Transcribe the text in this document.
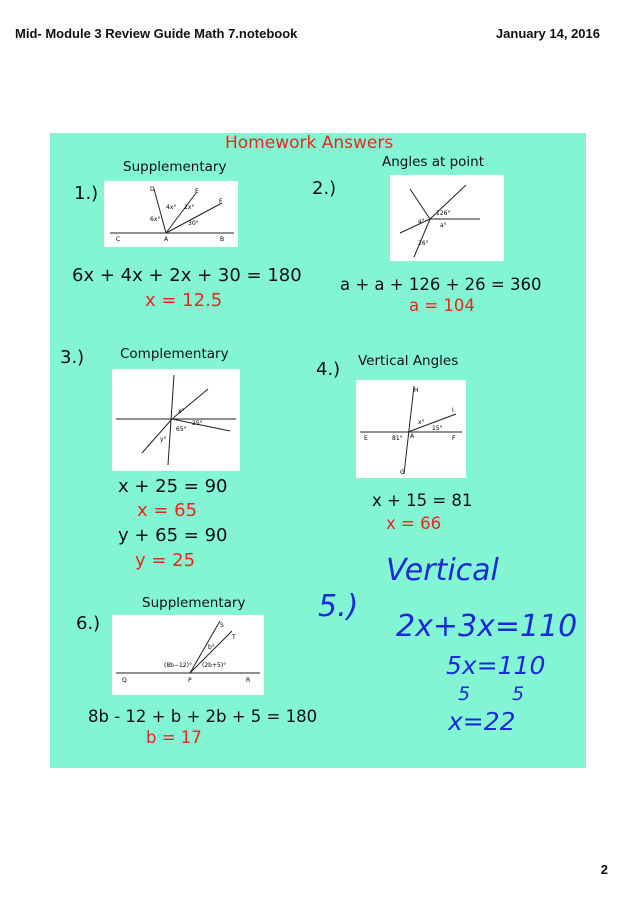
Mid- Module 3 Review Guide Math 7.notebook	January 14, 2016
Homework Answers
Supplementary
1.)	D	E
F
C	A	B
4x° 2x°
6x°
30°
6x + 4x + 2x + 30 = 180
x = 12.5
Angles at point
2.)
126°
a°
a°
26°
a + a + 126 + 26 = 360
a = 104
3.)	Complementary
x°
25°
65°
y°
x + 25 = 90
x = 65
y + 65 = 90
y = 25
Vertical Angles
4.)
H
I
E	A	F
G
x°
15°
81°
x + 15 = 81
x = 66
5.)
Vertical
2x+3x=110
5x=110
5 5
x=22
Supplementary
6.)	S
T
Q	P	R
b°
(8b−12)° (2b+5)°
8b - 12 + b + 2b + 5 = 180
b = 17
2
